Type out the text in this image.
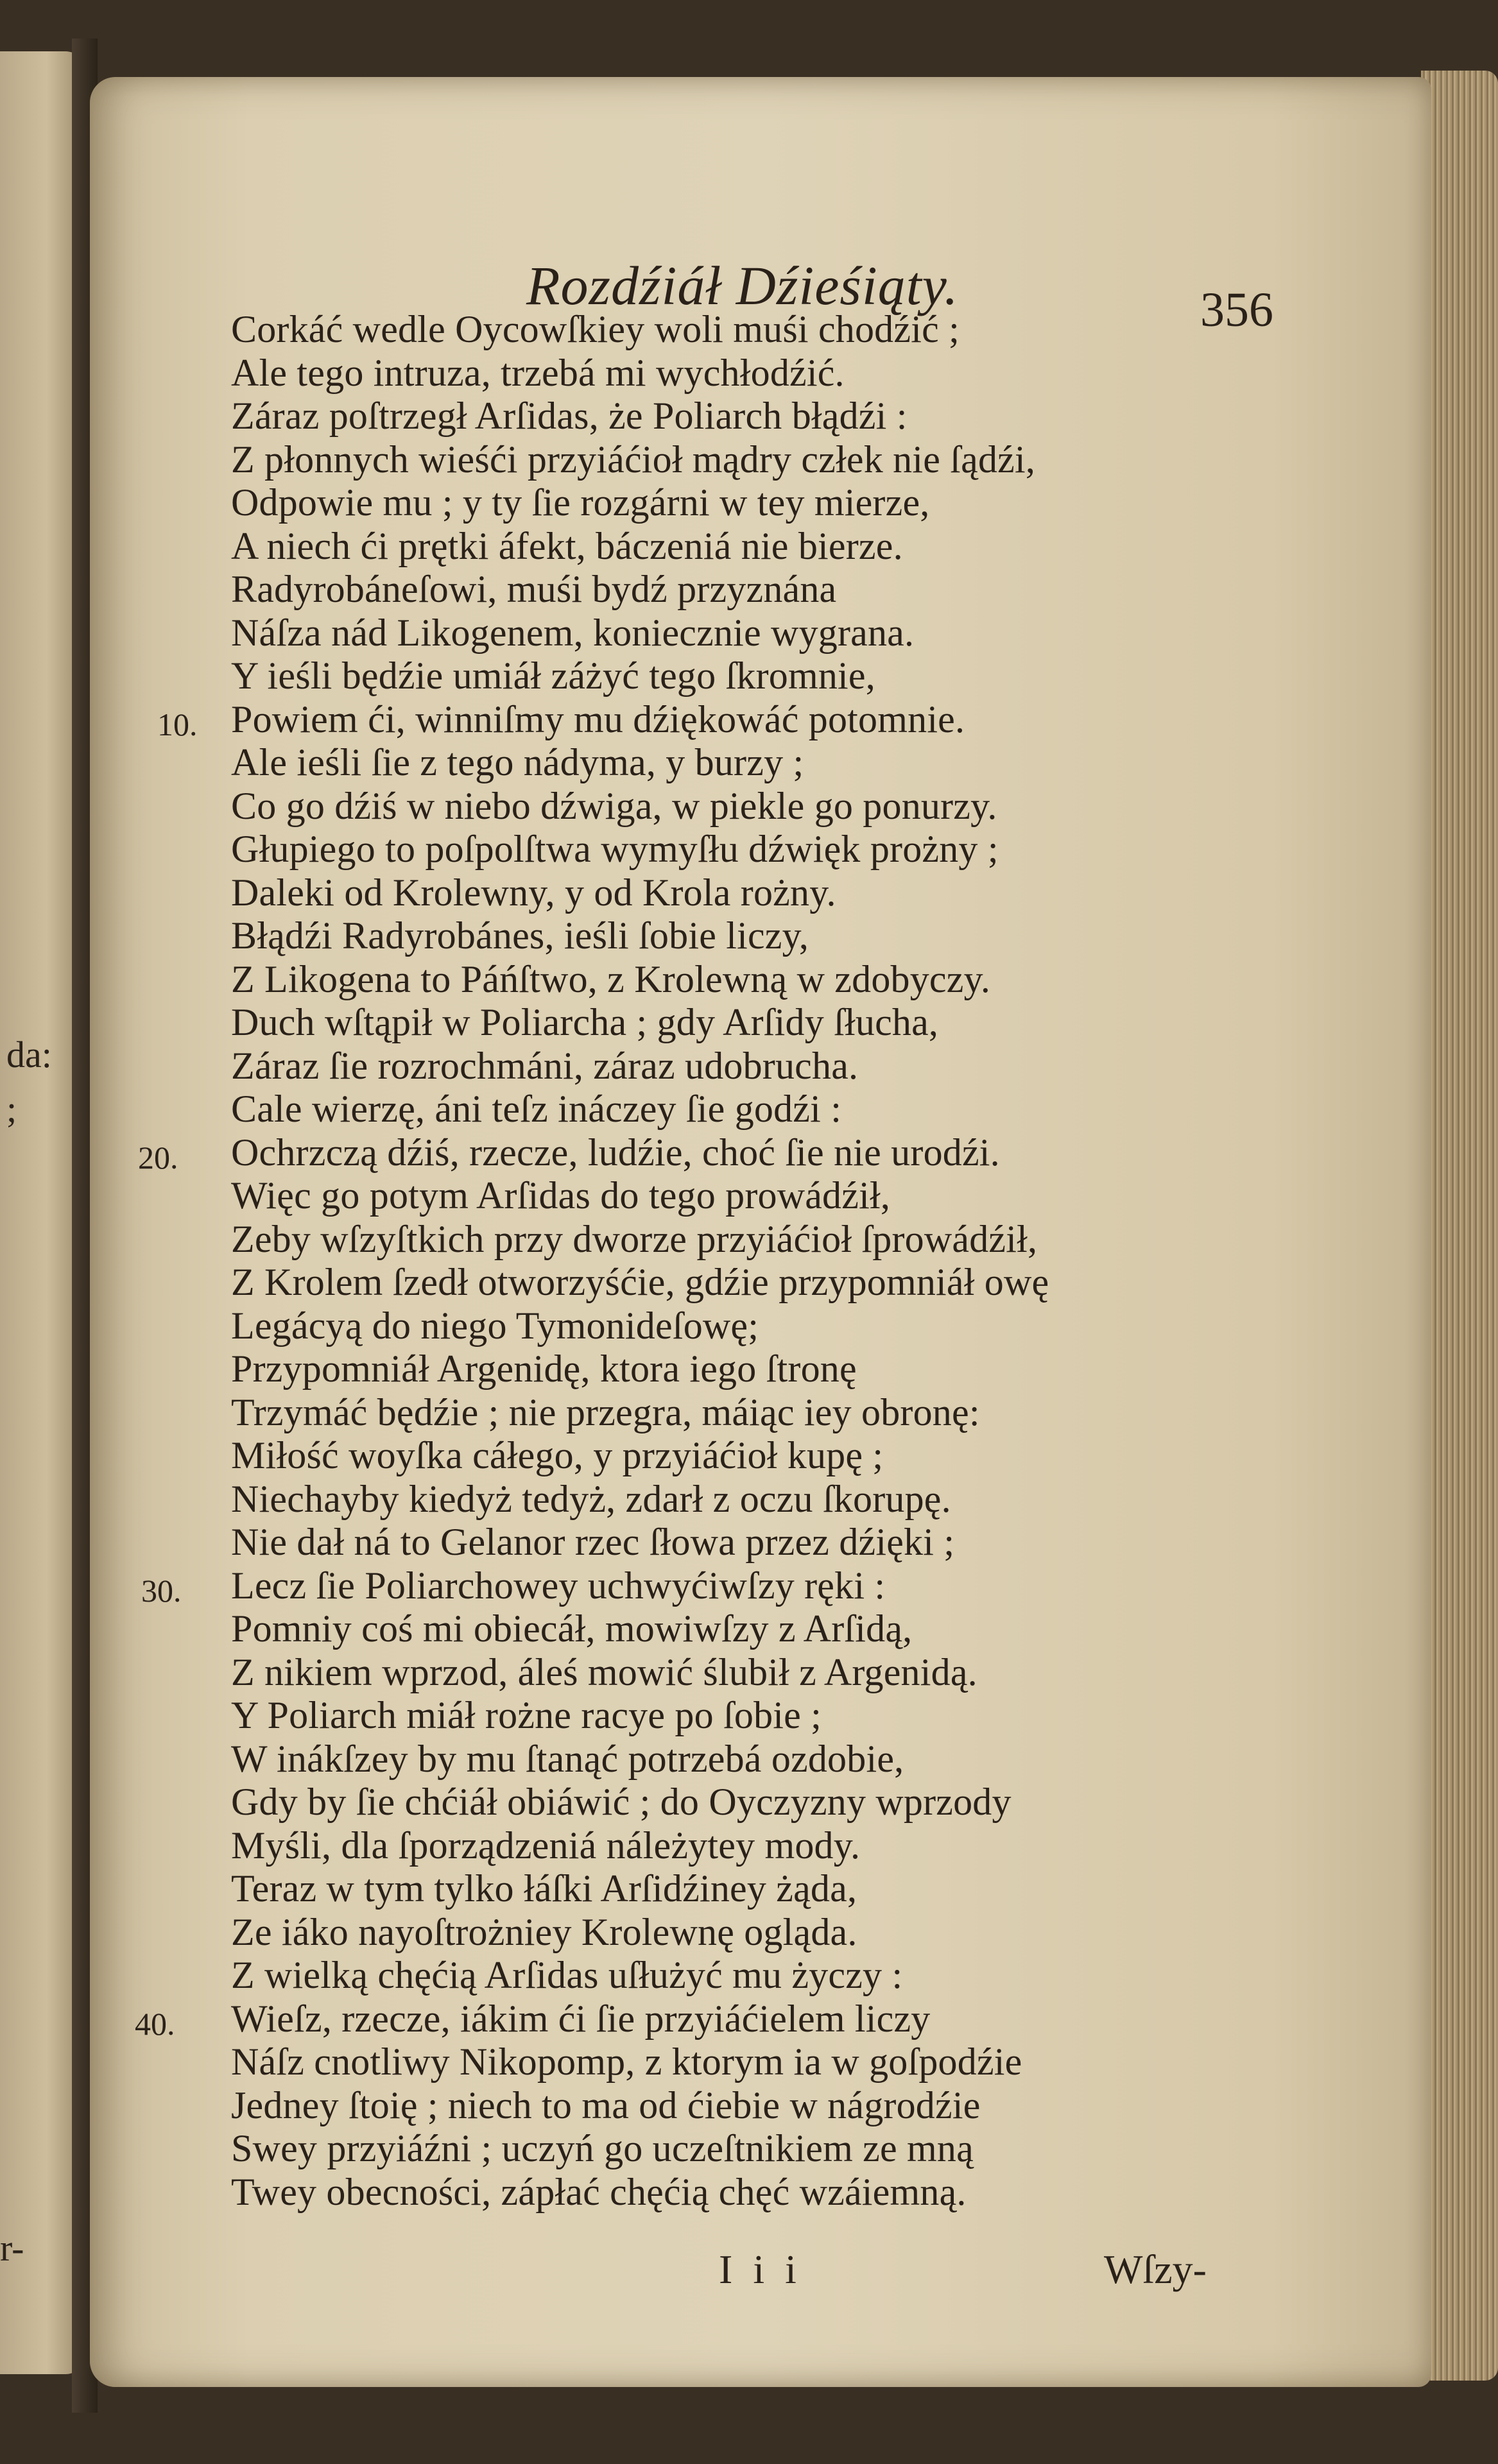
da:
;
r-
Rozdźiáł Dźieśiąty.	356
10.
20.
30.
40.
Corkáć wedle Oycowſkiey woli muśi chodźić ;
Ale tego intruza, trzebá mi wychłodźić.
Záraz poſtrzegł Arſidas, że Poliarch błądźi :
Z płonnych wieśći przyiáćioł mądry człek nie ſądźi,
Odpowie mu ; y ty ſie rozgárni w tey mierze,
A niech ći prętki áfekt, báczeniá nie bierze.
Radyrobáneſowi, muśi bydź przyznána
Náſza nád Likogenem, koniecznie wygrana.
Y ieśli będźie umiáł záżyć tego ſkromnie,
Powiem ći, winniſmy mu dźiękowáć potomnie.
Ale ieśli ſie z tego nádyma, y burzy ;
Co go dźiś w niebo dźwiga, w piekle go ponurzy.
Głupiego to poſpolſtwa wymyſłu dźwięk prożny ;
Daleki od Krolewny, y od Krola rożny.
Błądźi Radyrobánes, ieśli ſobie liczy,
Z Likogena to Páńſtwo, z Krolewną w zdobyczy.
Duch wſtąpił w Poliarcha ; gdy Arſidy ſłucha,
Záraz ſie rozrochmáni, záraz udobrucha.
Cale wierzę, áni teſz ináczey ſie godźi :
Ochrzczą dźiś, rzecze, ludźie, choć ſie nie urodźi.
Więc go potym Arſidas do tego prowádźił,
Zeby wſzyſtkich przy dworze przyiáćioł ſprowádźił,
Z Krolem ſzedł otworzyśćie, gdźie przypomniáł owę
Legácyą do niego Tymonideſowę;
Przypomniáł Argenidę, ktora iego ſtronę
Trzymáć będźie ; nie przegra, máiąc iey obronę:
Miłość woyſka cáłego, y przyiáćioł kupę ;
Niechayby kiedyż tedyż, zdarł z oczu ſkorupę.
Nie dał ná to Gelanor rzec ſłowa przez dźięki ;
Lecz ſie Poliarchowey uchwyćiwſzy ręki :
Pomniy coś mi obiecáł, mowiwſzy z Arſidą,
Z nikiem wprzod, áleś mowić ślubił z Argenidą.
Y Poliarch miáł rożne racye po ſobie ;
W inákſzey by mu ſtanąć potrzebá ozdobie,
Gdy by ſie chćiáł obiáwić ; do Oyczyzny wprzody
Myśli, dla ſporządzeniá náleżytey mody.
Teraz w tym tylko łáſki Arſidźiney żąda,
Ze iáko nayoſtrożniey Krolewnę ogląda.
Z wielką chęćią Arſidas uſłużyć mu życzy :
Wieſz, rzecze, iákim ći ſie przyiáćielem liczy
Náſz cnotliwy Nikopomp, z ktorym ia w goſpodźie
Jedney ſtoię ; niech to ma od ćiebie w nágrodźie
Swey przyiáźni ; uczyń go uczeſtnikiem ze mną
Twey obecności, zápłać chęćią chęć wzáiemną.
I i i	Wſzy-
